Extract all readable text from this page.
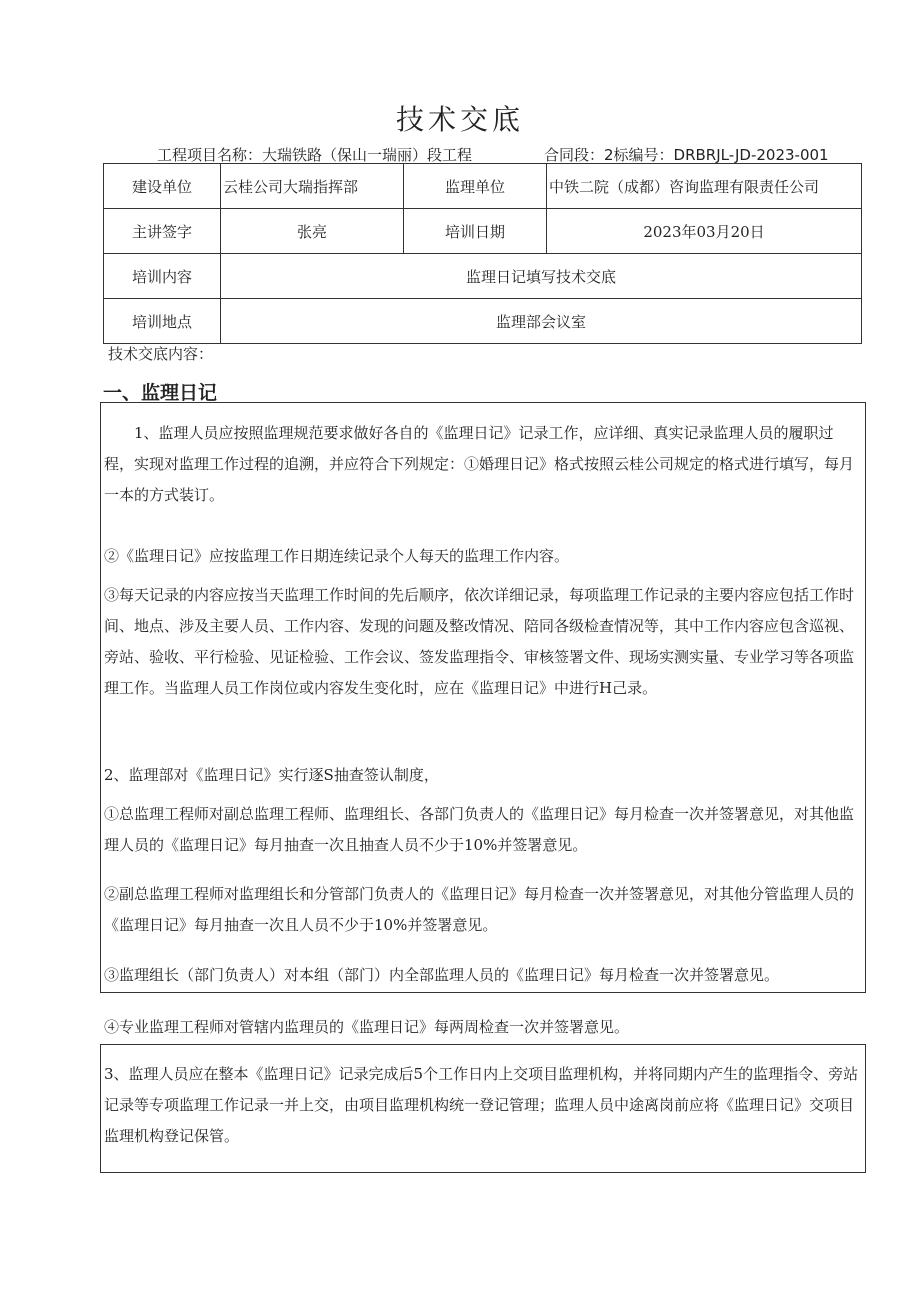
技术交底
工程项目名称：大瑞铁路（保山一瑞丽）段工程	合同段：2标编号：DRBRJL-JD-2023-001
建设单位	云桂公司大瑞指挥部	监理单位	中铁二院（成都）咨询监理有限责任公司
主讲签字	张亮	培训日期	2023年03月20日
培训内容	监理日记填写技术交底		
培训地点	监理部会议室		
技术交底内容：
一、监理日记
1、监理人员应按照监理规范要求做好各自的《监理日记》记录工作，应详细、真实记录监理人员的履职过程，实现对监理工作过程的追溯，并应符合下列规定：①婚理日记》格式按照云桂公司规定的格式进行填写，每月一本的方式装订。
②《监理日记》应按监理工作日期连续记录个人每天的监理工作内容。
③每天记录的内容应按当天监理工作时间的先后顺序，依次详细记录，每项监理工作记录的主要内容应包括工作时间、地点、涉及主要人员、工作内容、发现的问题及整改情况、陪同各级检查情况等，其中工作内容应包含巡视、旁站、验收、平行检验、见证检验、工作会议、签发监理指令、审核签署文件、现场实测实量、专业学习等各项监理工作。当监理人员工作岗位或内容发生变化时，应在《监理日记》中进行H己录。
2、监理部对《监理日记》实行逐S抽查签认制度，
①总监理工程师对副总监理工程师、监理组长、各部门负责人的《监理日记》每月检查一次并签署意见，对其他监理人员的《监理日记》每月抽查一次且抽查人员不少于10%并签署意见。
②副总监理工程师对监理组长和分管部门负责人的《监理日记》每月检查一次并签署意见，对其他分管监理人员的《监理日记》每月抽查一次且人员不少于10%并签署意见。
③监理组长（部门负责人）对本组（部门）内全部监理人员的《监理日记》每月检查一次并签署意见。
④专业监理工程师对管辖内监理员的《监理日记》每两周检查一次并签署意见。
3、监理人员应在整本《监理日记》记录完成后5个工作日内上交项目监理机构，并将同期内产生的监理指令、旁站记录等专项监理工作记录一并上交，由项目监理机构统一登记管理；监理人员中途离岗前应将《监理日记》交项目监理机构登记保管。
